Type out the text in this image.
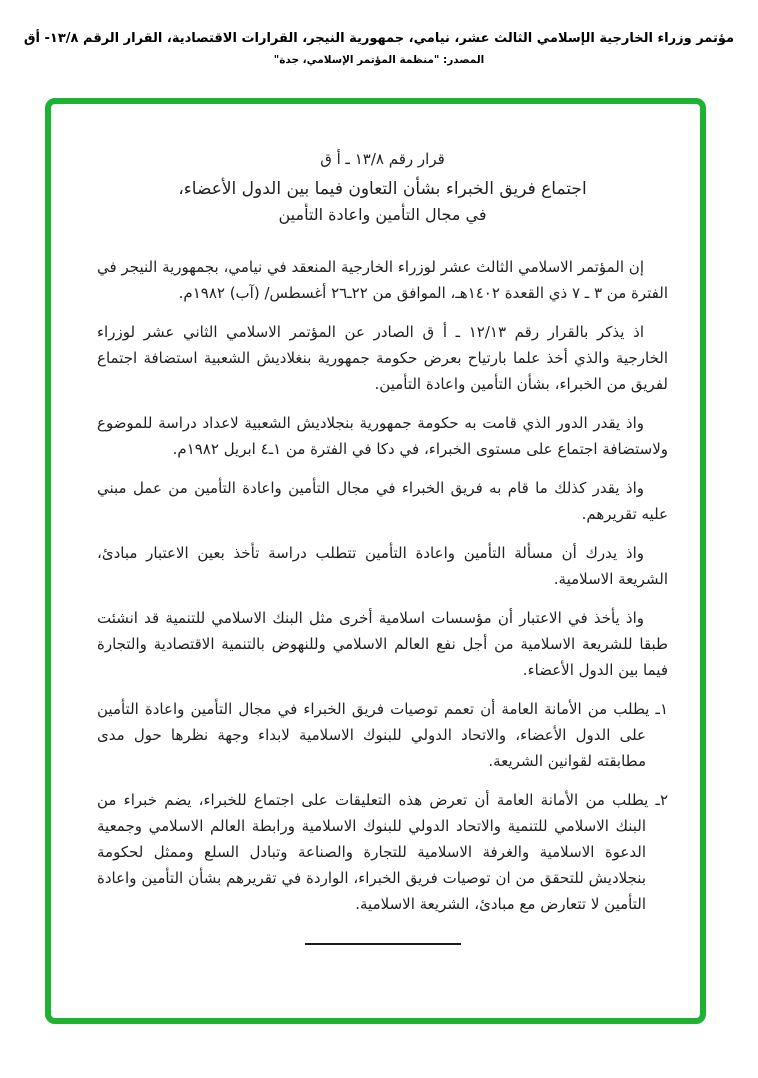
مؤتمر وزراء الخارجية الإسلامي الثالث عشر، نيامي، جمهورية النيجر، القرارات الاقتصادية، القرار الرقم ١٣/٨- أق
المصدر: "منظمة المؤتمر الإسلامي، جدة"
قرار رقم ١٣/٨ ـ أ ق
اجتماع فريق الخبراء بشأن التعاون فيما بين الدول الأعضاء،
في مجال التأمين واعادة التأمين

إن المؤتمر الاسلامي الثالث عشر لوزراء الخارجية المنعقد في نيامي، بجمهورية النيجر في الفترة من ٣ ـ ٧ ذي القعدة ١٤٠٢هـ، الموافق من ٢٢ـ٢٦ أغسطس/ (آب) ١٩٨٢م.

اذ يذكر بالقرار رقم ١٢/١٣ ـ أ ق الصادر عن المؤتمر الاسلامي الثاني عشر لوزراء الخارجية والذي أخذ علما بارتياح بعرض حكومة جمهورية بنغلاديش الشعبية استضافة اجتماع لفريق من الخبراء، بشأن التأمين واعادة التأمين.

واذ يقدر الدور الذي قامت به حكومة جمهورية بنجلاديش الشعبية لاعداد دراسة للموضوع ولاستضافة اجتماع على مستوى الخبراء، في دكا في الفترة من ١ـ٤ ابريل ١٩٨٢م.

واذ يقدر كذلك ما قام به فريق الخبراء في مجال التأمين واعادة التأمين من عمل مبني عليه تقريرهم.

واذ يدرك أن مسألة التأمين واعادة التأمين تتطلب دراسة تأخذ بعين الاعتبار مبادئ، الشريعة الاسلامية.

واذ يأخذ في الاعتبار أن مؤسسات اسلامية أخرى مثل البنك الاسلامي للتنمية قد انشئت طبقا للشريعة الاسلامية من أجل نفع العالم الاسلامي وللنهوض بالتنمية الاقتصادية والتجارة فيما بين الدول الأعضاء.

١ـ يطلب من الأمانة العامة أن تعمم توصيات فريق الخبراء في مجال التأمين واعادة التأمين على الدول الأعضاء، والاتحاد الدولي للبنوك الاسلامية لابداء وجهة نظرها حول مدى مطابقته لقوانين الشريعة.

٢ـ يطلب من الأمانة العامة أن تعرض هذه التعليقات على اجتماع للخبراء، يضم خبراء من البنك الاسلامي للتنمية والاتحاد الدولي للبنوك الاسلامية ورابطة العالم الاسلامي وجمعية الدعوة الاسلامية والغرفة الاسلامية للتجارة والصناعة وتبادل السلع وممثل لحكومة بنجلاديش للتحقق من ان توصيات فريق الخبراء، الواردة في تقريرهم بشأن التأمين واعادة التأمين لا تتعارض مع مبادئ، الشريعة الاسلامية.
